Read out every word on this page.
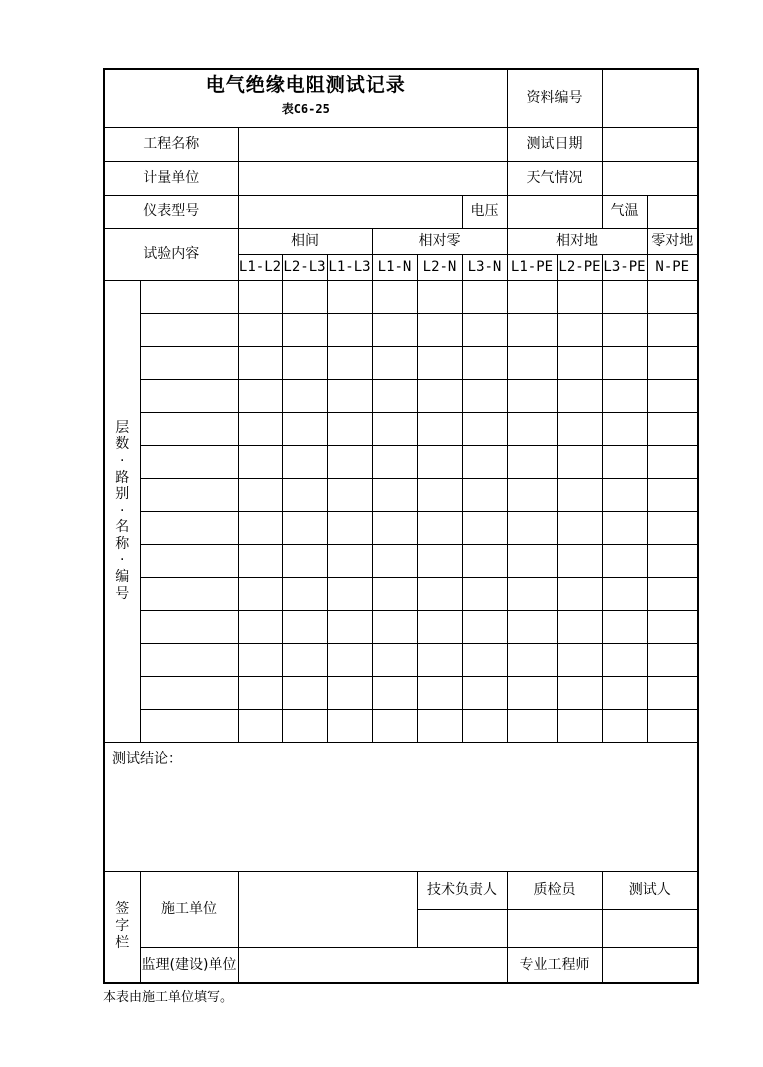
电气绝缘电阻测试记录
表C6-25								资料编号			
工程名称								测试日期			
计量单位								天气情况			
仪表型号							电压			气温	
试验内容		相间			相对零			相对地			零对地
		L1-L2	L2-L3	L1-L3	L1-N	L2-N	L3-N	L1-PE	L2-PE	L3-PE	N-PE

层数·路别·名称·编号											

测试结论：											

签字栏	施工单位					技术负责人		质检员		测试人	

	监理(建设)单位							专业工程师			
本表由施工单位填写。
